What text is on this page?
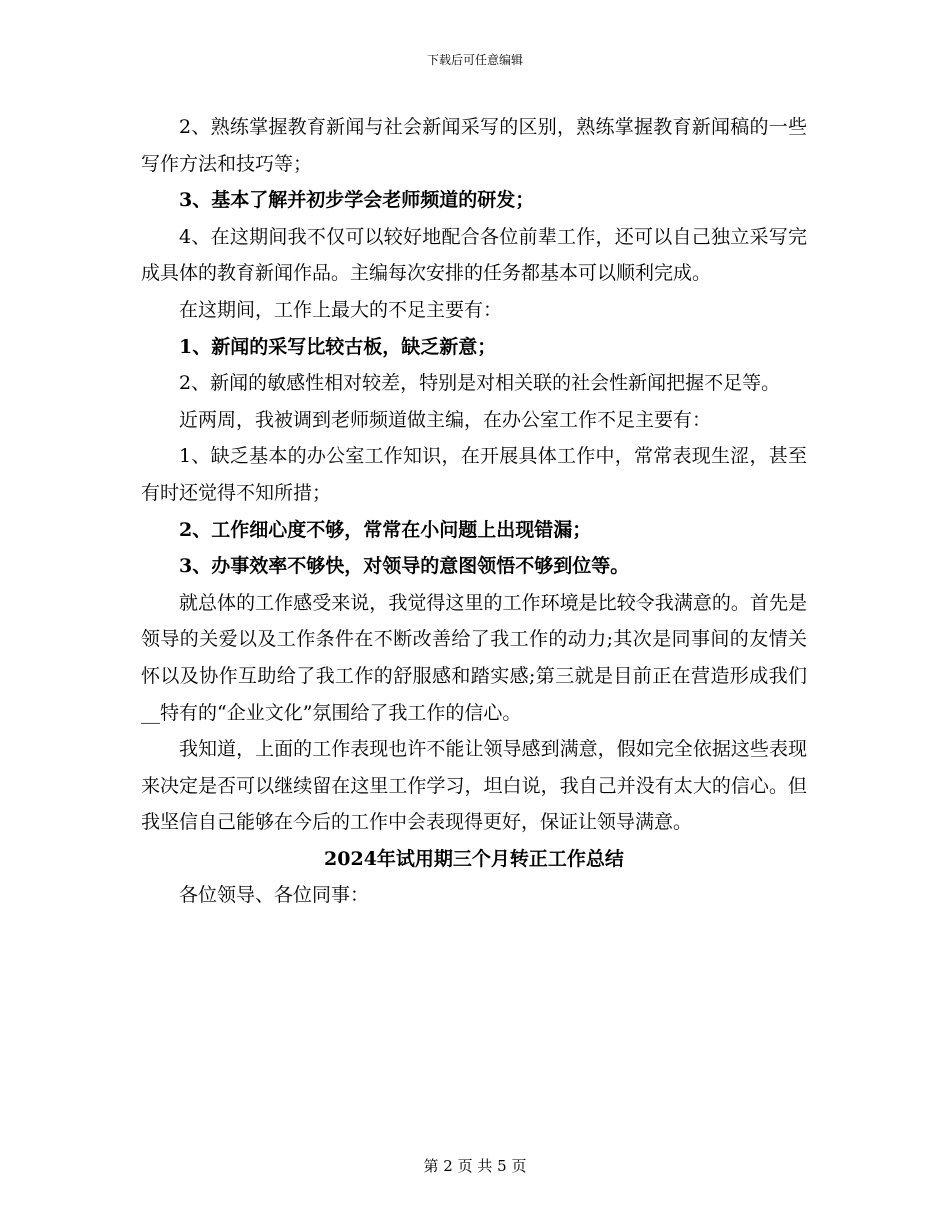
下载后可任意编辑

2、熟练掌握教育新闻与社会新闻采写的区别，熟练掌握教育新闻稿的一些写作方法和技巧等；

3、基本了解并初步学会老师频道的研发；

4、在这期间我不仅可以较好地配合各位前辈工作，还可以自己独立采写完成具体的教育新闻作品。主编每次安排的任务都基本可以顺利完成。

在这期间，工作上最大的不足主要有：

1、新闻的采写比较古板，缺乏新意；

2、新闻的敏感性相对较差，特别是对相关联的社会性新闻把握不足等。

近两周，我被调到老师频道做主编，在办公室工作不足主要有：

1、缺乏基本的办公室工作知识，在开展具体工作中，常常表现生涩，甚至有时还觉得不知所措；

2、工作细心度不够，常常在小问题上出现错漏；

3、办事效率不够快，对领导的意图领悟不够到位等。

就总体的工作感受来说，我觉得这里的工作环境是比较令我满意的。首先是领导的关爱以及工作条件在不断改善给了我工作的动力;其次是同事间的友情关怀以及协作互助给了我工作的舒服感和踏实感;第三就是目前正在营造形成我们__特有的“企业文化”氛围给了我工作的信心。

我知道，上面的工作表现也许不能让领导感到满意，假如完全依据这些表现来决定是否可以继续留在这里工作学习，坦白说，我自己并没有太大的信心。但我坚信自己能够在今后的工作中会表现得更好，保证让领导满意。

2024年试用期三个月转正工作总结

各位领导、各位同事：

第 2 页 共 5 页
